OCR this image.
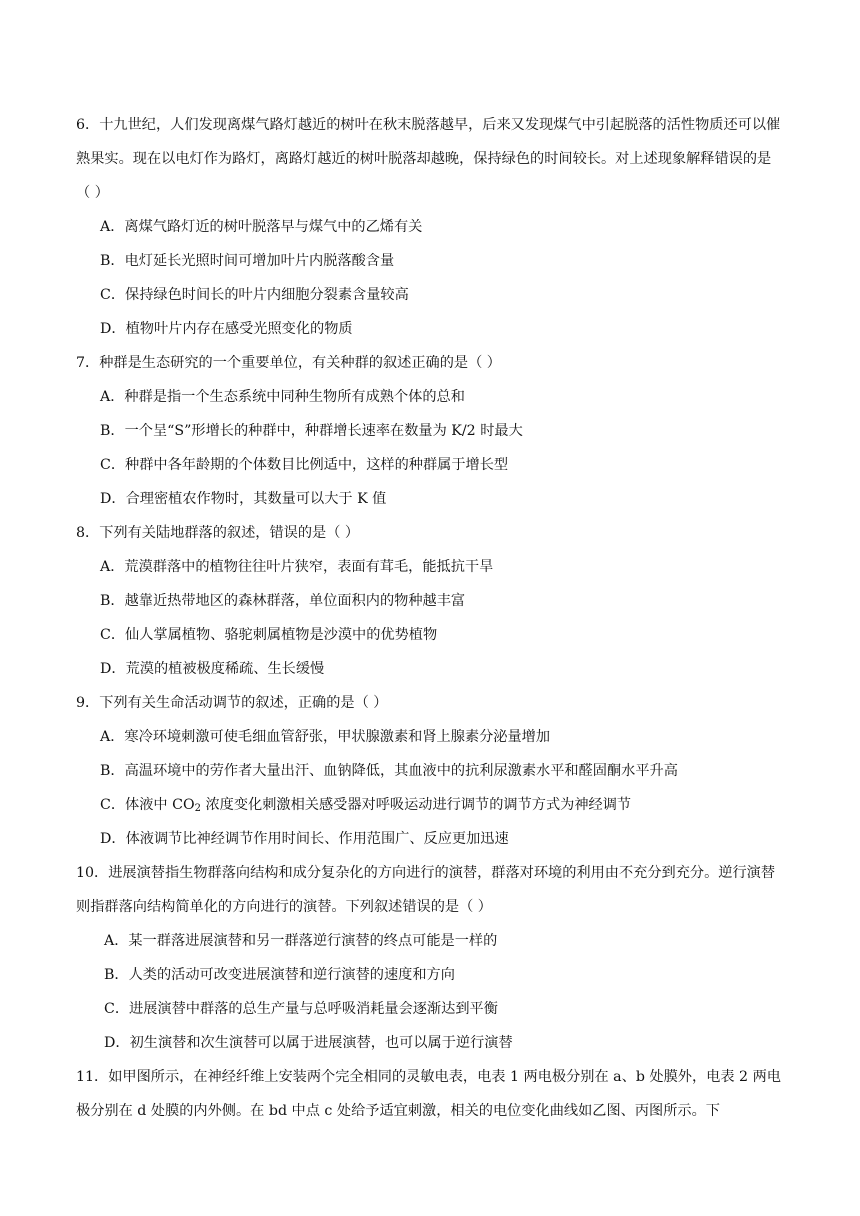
6．十九世纪，人们发现离煤气路灯越近的树叶在秋末脱落越早，后来又发现煤气中引起脱落的活性物质还可以催熟果实。现在以电灯作为路灯，离路灯越近的树叶脱落却越晚，保持绿色的时间较长。对上述现象解释错误的是（ ）

A．离煤气路灯近的树叶脱落早与煤气中的乙烯有关

B．电灯延长光照时间可增加叶片内脱落酸含量

C．保持绿色时间长的叶片内细胞分裂素含量较高

D．植物叶片内存在感受光照变化的物质

7．种群是生态研究的一个重要单位，有关种群的叙述正确的是（ ）

A．种群是指一个生态系统中同种生物所有成熟个体的总和

B．一个呈“S”形增长的种群中，种群增长速率在数量为 K/2 时最大

C．种群中各年龄期的个体数目比例适中，这样的种群属于增长型

D．合理密植农作物时，其数量可以大于 K 值

8．下列有关陆地群落的叙述，错误的是（ ）

A．荒漠群落中的植物往往叶片狭窄，表面有茸毛，能抵抗干旱

B．越靠近热带地区的森林群落，单位面积内的物种越丰富

C．仙人掌属植物、骆驼刺属植物是沙漠中的优势植物

D．荒漠的植被极度稀疏、生长缓慢

9．下列有关生命活动调节的叙述，正确的是（ ）

A．寒冷环境刺激可使毛细血管舒张，甲状腺激素和肾上腺素分泌量增加

B．高温环境中的劳作者大量出汗、血钠降低，其血液中的抗利尿激素水平和醛固酮水平升高

C．体液中 $CO_2$ 浓度变化刺激相关感受器对呼吸运动进行调节的调节方式为神经调节

D．体液调节比神经调节作用时间长、作用范围广、反应更加迅速

10．进展演替指生物群落向结构和成分复杂化的方向进行的演替，群落对环境的利用由不充分到充分。逆行演替则指群落向结构简单化的方向进行的演替。下列叙述错误的是（ ）

A．某一群落进展演替和另一群落逆行演替的终点可能是一样的

B．人类的活动可改变进展演替和逆行演替的速度和方向

C．进展演替中群落的总生产量与总呼吸消耗量会逐渐达到平衡

D．初生演替和次生演替可以属于进展演替，也可以属于逆行演替

11．如甲图所示，在神经纤维上安装两个完全相同的灵敏电表，电表 1 两电极分别在 a、b 处膜外，电表 2 两电极分别在 d 处膜的内外侧。在 bd 中点 c 处给予适宜刺激，相关的电位变化曲线如乙图、丙图所示。下
